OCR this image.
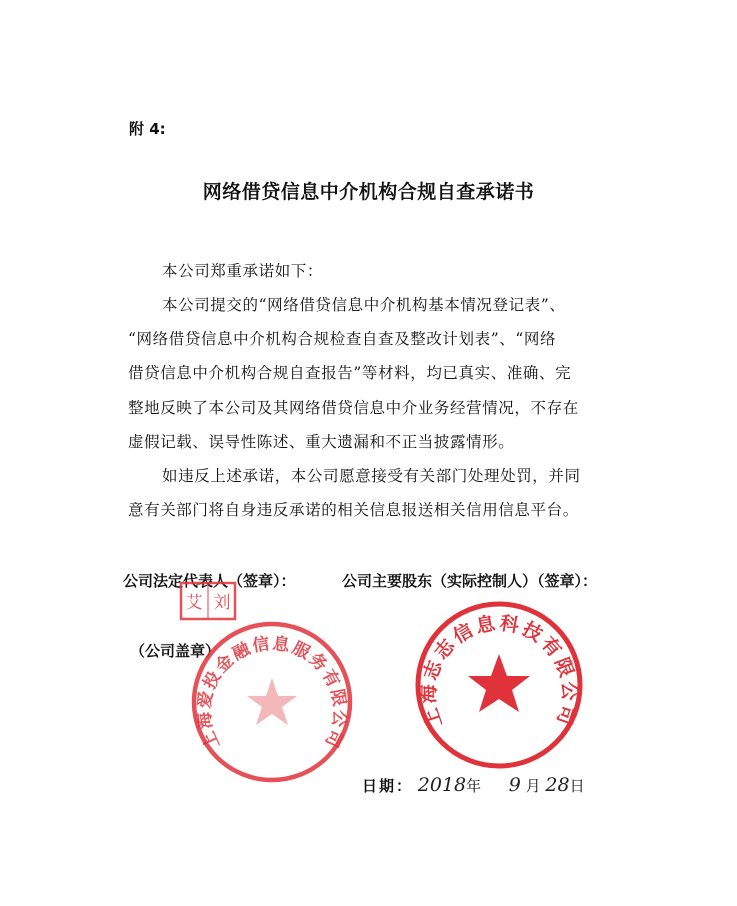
附 4:
网络借贷信息中介机构合规自查承诺书
本公司郑重承诺如下：
本公司提交的“网络借贷信息中介机构基本情况登记表”、
“网络借贷信息中介机构合规检查自查及整改计划表”、“网络
借贷信息中介机构合规自查报告”等材料，均已真实、准确、完
整地反映了本公司及其网络借贷信息中介业务经营情况，不存在
虚假记载、误导性陈述、重大遗漏和不正当披露情形。
如违反上述承诺，本公司愿意接受有关部门处理处罚，并同
意有关部门将自身违反承诺的相关信息报送相关信用信息平台。
公司法定代表人（签章）：	公司主要股东（实际控制人）（签章）：
（公司盖章）
艾 刘
上海爱投金融信息服务有限公司
上海志志信息科技有限公司
日期： 2018年 9 月 28日
